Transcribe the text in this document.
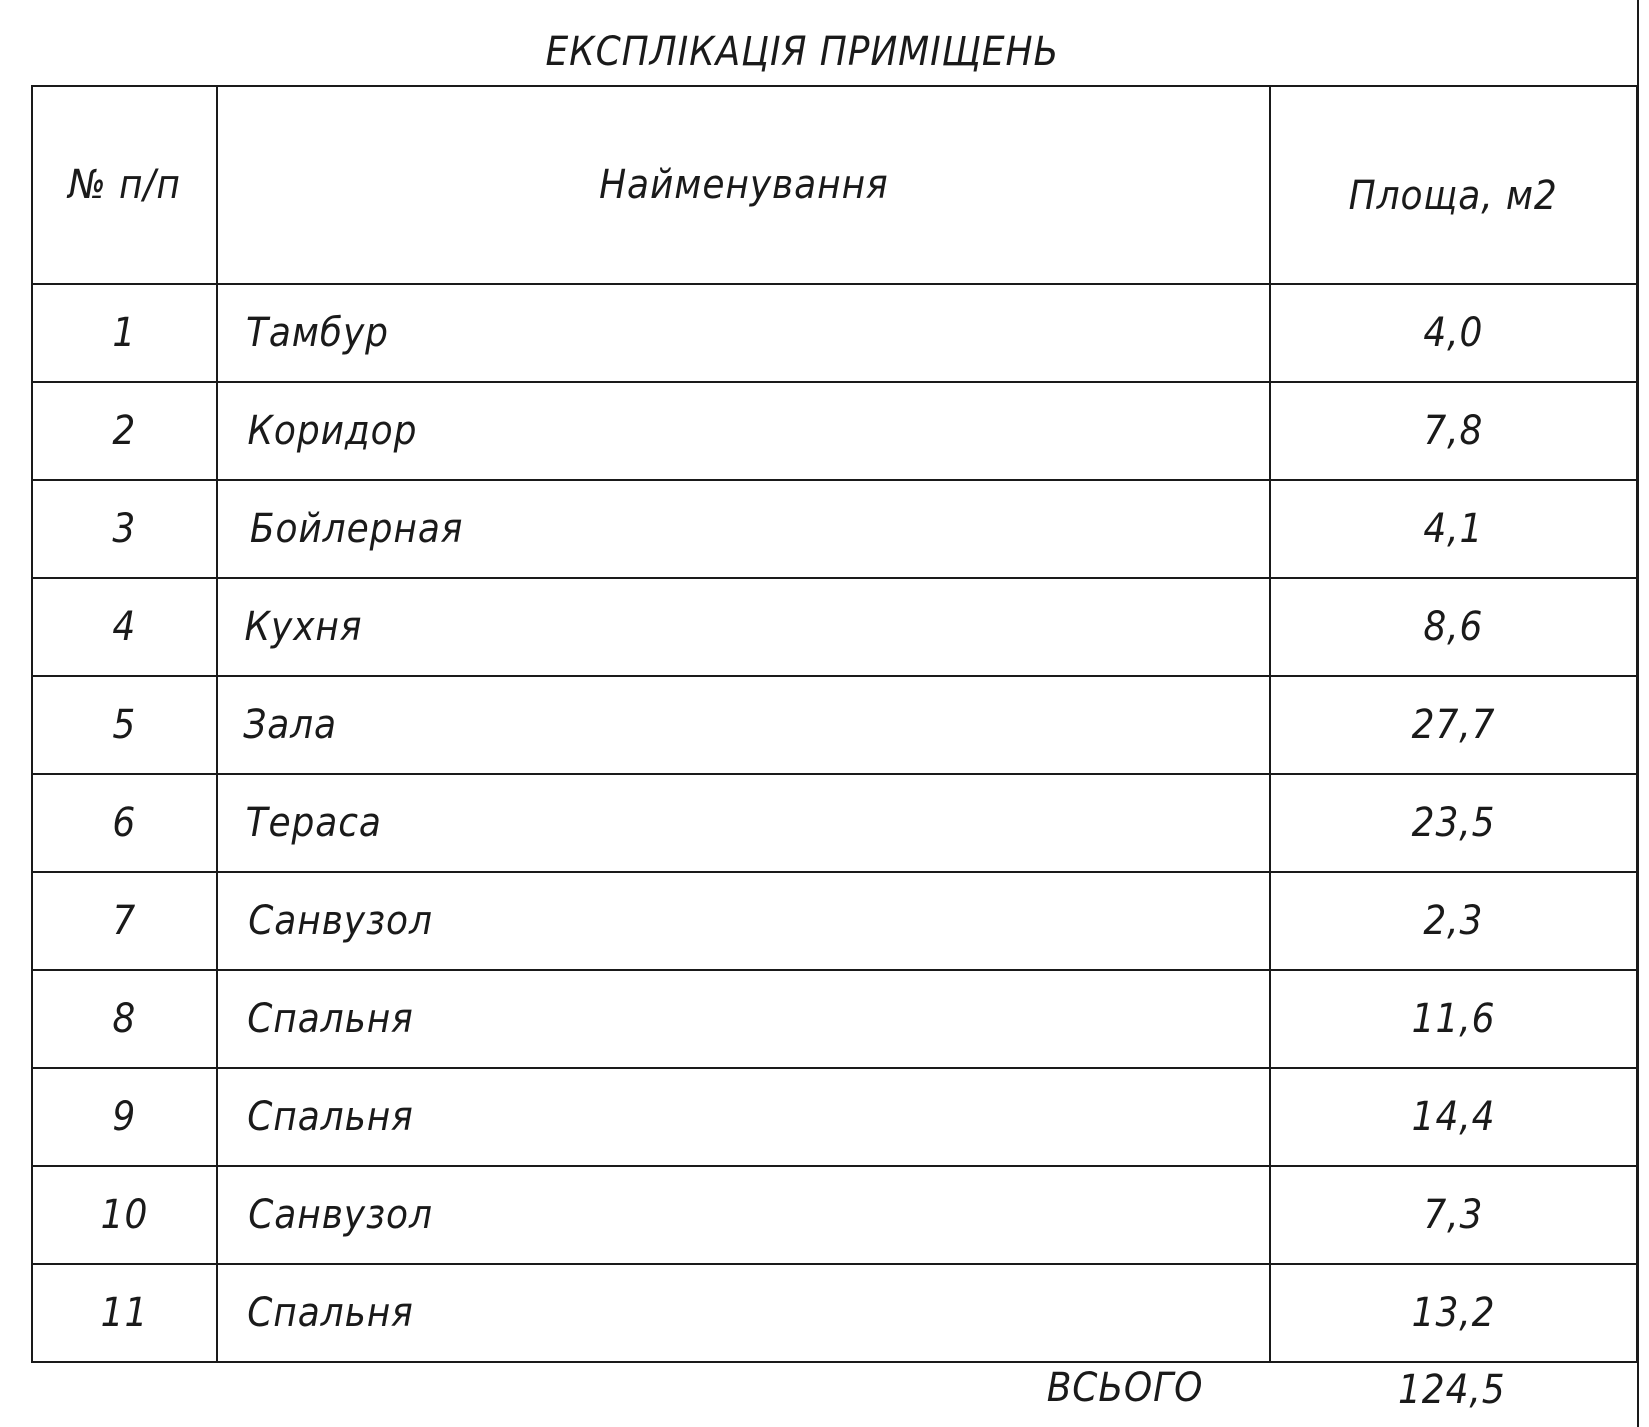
ЕКСПЛІКАЦІЯ ПРИМІЩЕНЬ
№ п/п	Найменування	Площа, м2
1	Тамбур	4,0
2	Коридор	7,8
3	Бойлерная	4,1
4	Кухня	8,6
5	Зала	27,7
6	Тераса	23,5
7	Санвузол	2,3
8	Спальня	11,6
9	Спальня	14,4
10	Санвузол	7,3
11	Спальня	13,2
ВСЬОГО	124,5
